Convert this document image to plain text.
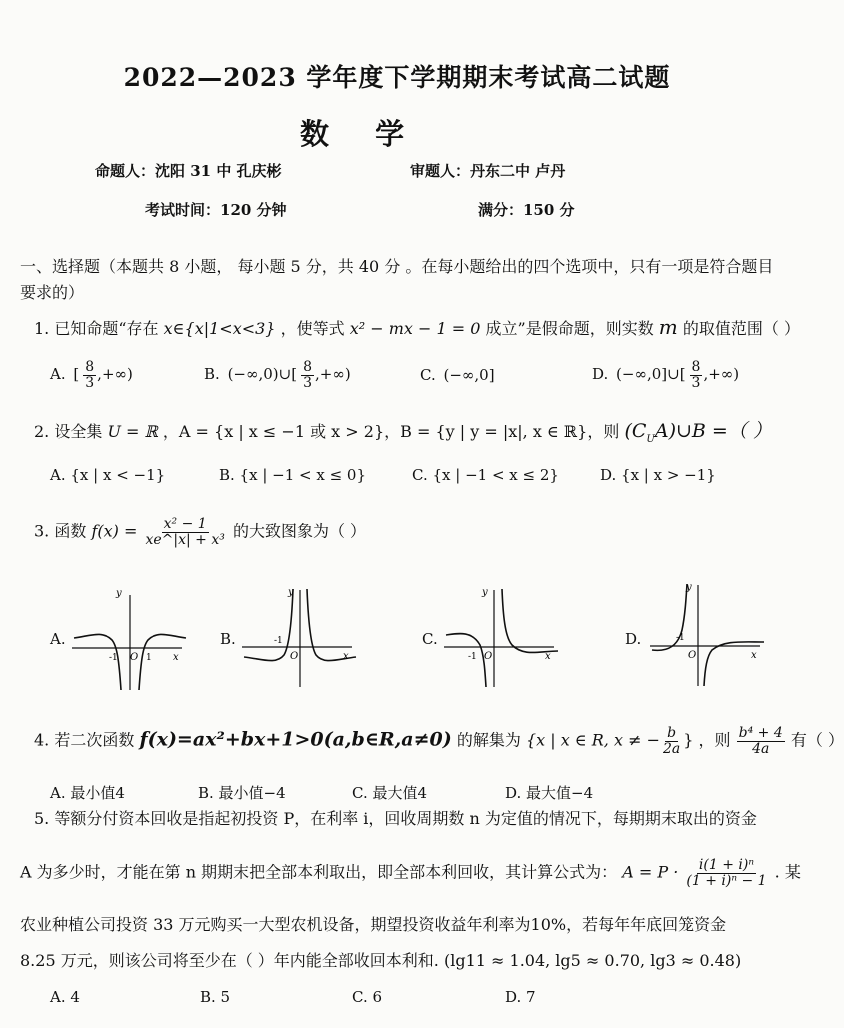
2022—2023 学年度下学期期末考试高二试题
数 学
命题人：沈阳 31 中 孔庆彬	审题人：丹东二中 卢丹
考试时间：120 分钟	满分：150 分
一、选择题（本题共 8 小题， 每小题 5 分，共 40 分 。在每小题给出的四个选项中，只有一项是符合题目要求的）
1. 已知命题“存在 x∈{x|1<x<3} ，使等式 x² − mx − 1 = 0 成立”是假命题，则实数 m 的取值范围（ ）
A. [ $\frac{8}{3}$ ,+∞)	B. (−∞,0)∪[ $\frac{8}{3}$ ,+∞)	C. (−∞,0]	D. (−∞,0]∪[ $\frac{8}{3}$ ,+∞)
2. 设全集 U = ℝ ，A = {x | x ≤ −1 或 x > 2}，B = {y | y = |x|, x ∈ ℝ}，则 $(C_UA)\cup B$ =（ ）
A. {x | x < −1}	B. {x | −1 < x ≤ 0}	C. {x | −1 < x ≤ 2}	D. {x | x > −1}
3. 函数 $f(x) = \frac{\text{x² − 1}}{\text{xe\textasciicircum{}|x| + x³}}$ 的大致图象为（ ）
A.	B.	C.	D.
y
x
-1 O 1
y
x
-1
O
y
x
-1 O
y
x
-1
O
4. 若二次函数 f(x)=ax²+bx+1>0(a,b∈R,a≠0) 的解集为 {x | x ∈ R, x ≠ − $\frac{b}{2a}$ } ，则 $\frac{\text{b⁴ + 4}}{4a}$ 有（ ）
A. 最小值4	B. 最小值−4	C. 最大值4	D. 最大值−4
5. 等额分付资本回收是指起初投资 P，在利率 i，回收周期数 n 为定值的情况下，每期期末取出的资金
A 为多少时，才能在第 n 期期末把全部本利取出，即全部本利回收，其计算公式为： $A = P \cdot \frac{\text{i(1 + i)ⁿ}}{\text{(1 + i)ⁿ − 1}}$ . 某
农业种植公司投资 33 万元购买一大型农机设备，期望投资收益年利率为10%，若每年年底回笼资金
8.25 万元，则该公司将至少在（ ）年内能全部收回本利和. (lg11 ≈ 1.04, lg5 ≈ 0.70, lg3 ≈ 0.48)
A. 4	B. 5	C. 6	D. 7
